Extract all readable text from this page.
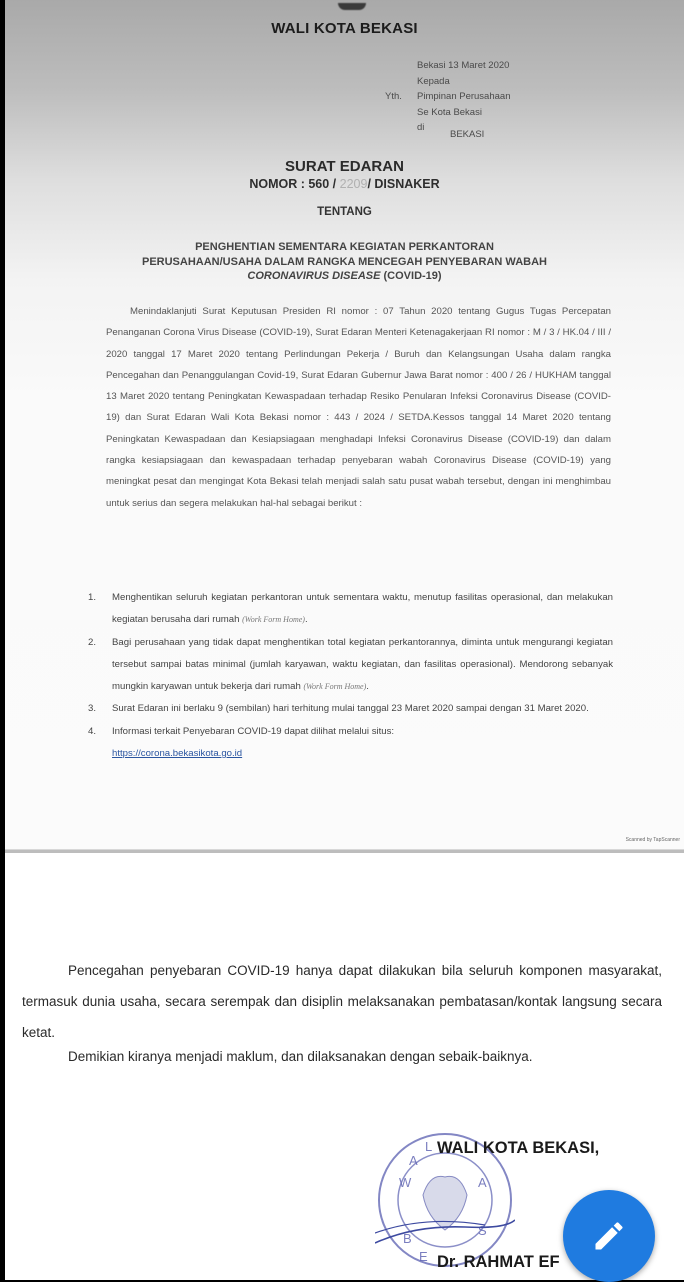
WALI KOTA BEKASI
Bekasi 13 Maret 2020
Kepada
Pimpinan Perusahaan
Se Kota Bekasi
di
Yth.
BEKASI
SURAT EDARAN
NOMOR : 560 / 2209/ DISNAKER
TENTANG
PENGHENTIAN SEMENTARA KEGIATAN PERKANTORAN
PERUSAHAAN/USAHA DALAM RANGKA MENCEGAH PENYEBARAN WABAH
CORONAVIRUS DISEASE (COVID-19)
Menindaklanjuti Surat Keputusan Presiden RI nomor : 07 Tahun 2020 tentang Gugus Tugas Percepatan Penanganan Corona Virus Disease (COVID-19), Surat Edaran Menteri Ketenagakerjaan RI nomor : M / 3 / HK.04 / III / 2020 tanggal 17 Maret 2020 tentang Perlindungan Pekerja / Buruh dan Kelangsungan Usaha dalam rangka Pencegahan dan Penanggulangan Covid-19, Surat Edaran Gubernur Jawa Barat nomor : 400 / 26 / HUKHAM tanggal 13 Maret 2020 tentang Peningkatan Kewaspadaan terhadap Resiko Penularan Infeksi Coronavirus Disease (COVID-19) dan Surat Edaran Wali Kota Bekasi nomor : 443 / 2024 / SETDA.Kessos tanggal 14 Maret 2020 tentang Peningkatan Kewaspadaan dan Kesiapsiagaan menghadapi Infeksi Coronavirus Disease (COVID-19) dan dalam rangka kesiapsiagaan dan kewaspadaan terhadap penyebaran wabah Coronavirus Disease (COVID-19) yang meningkat pesat dan mengingat Kota Bekasi telah menjadi salah satu pusat wabah tersebut, dengan ini menghimbau untuk serius dan segera melakukan hal-hal sebagai berikut :
1.	Menghentikan seluruh kegiatan perkantoran untuk sementara waktu, menutup fasilitas operasional, dan melakukan kegiatan berusaha dari rumah (Work Form Home).
2.	Bagi perusahaan yang tidak dapat menghentikan total kegiatan perkantorannya, diminta untuk mengurangi kegiatan tersebut sampai batas minimal (jumlah karyawan, waktu kegiatan, dan fasilitas operasional). Mendorong sebanyak mungkin karyawan untuk bekerja dari rumah (Work Form Home).
3.	Surat Edaran ini berlaku 9 (sembilan) hari terhitung mulai tanggal 23 Maret 2020 sampai dengan 31 Maret 2020.
4.	Informasi terkait Penyebaran COVID-19 dapat dilihat melalui situs:
https://corona.bekasikota.go.id
Scanned by TapScanner
Pencegahan penyebaran COVID-19 hanya dapat dilakukan bila seluruh komponen masyarakat, termasuk dunia usaha, secara serempak dan disiplin melaksanakan pembatasan/kontak langsung secara ketat.
Demikian kiranya menjadi maklum, dan dilaksanakan dengan sebaik-baiknya.
W
A
L
A
B
E
S
WALI KOTA BEKASI,
Dr. RAHMAT EF
